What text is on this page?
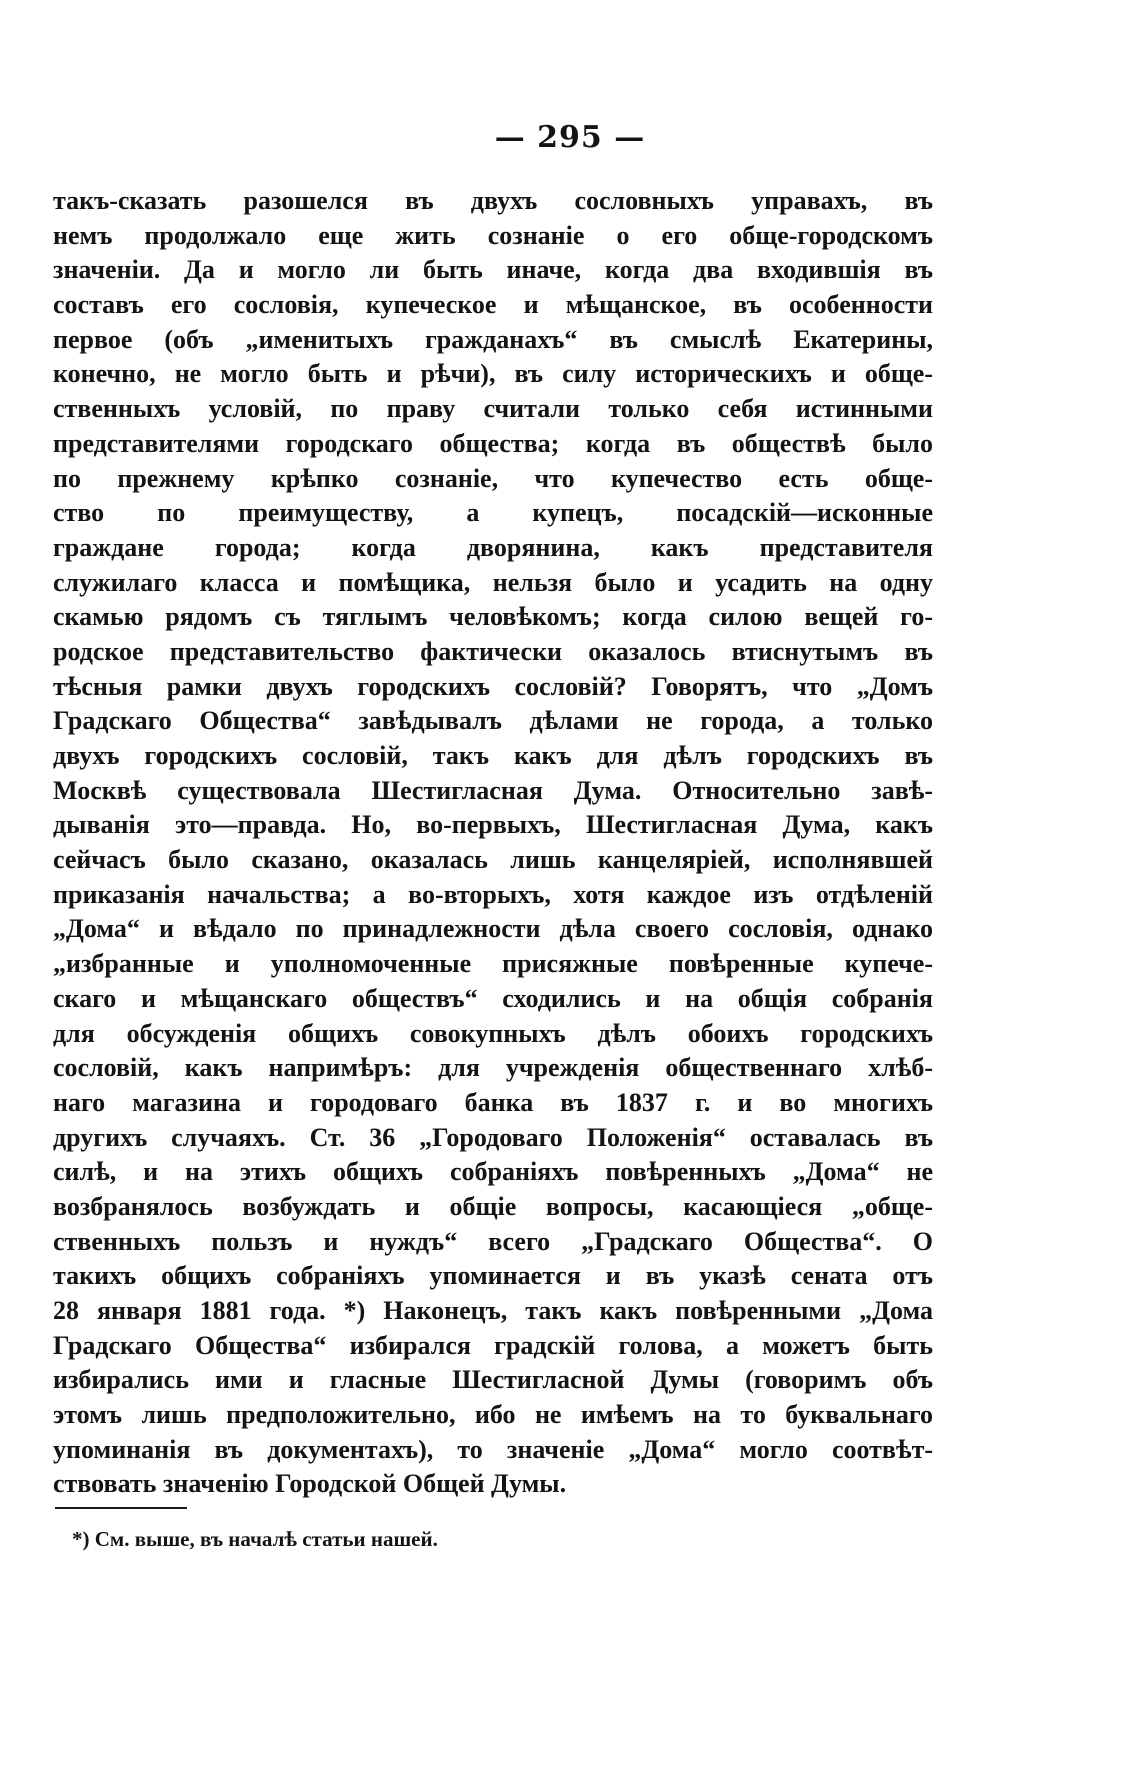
— 295 —
такъ-сказать разошелся въ двухъ сословныхъ управахъ, въ
немъ продолжало еще жить сознаніе о его обще-городскомъ
значеніи. Да и могло ли быть иначе, когда два входившія въ
составъ его сословія, купеческое и мѣщанское, въ особенности
первое (объ „именитыхъ гражданахъ“ въ смыслѣ Екатерины,
конечно, не могло быть и рѣчи), въ силу историческихъ и обще-
ственныхъ условій, по праву считали только себя истинными
представителями городскаго общества; когда въ обществѣ было
по прежнему крѣпко сознаніе, что купечество есть обще-
ство по преимуществу, а купецъ, посадскій—исконные
граждане города; когда дворянина, какъ представителя
служилаго класса и помѣщика, нельзя было и усадить на одну
скамью рядомъ съ тяглымъ человѣкомъ; когда силою вещей го-
родское представительство фактически оказалось втиснутымъ въ
тѣсныя рамки двухъ городскихъ сословій? Говорятъ, что „Домъ
Градскаго Общества“ завѣдывалъ дѣлами не города, а только
двухъ городскихъ сословій, такъ какъ для дѣлъ городскихъ въ
Москвѣ существовала Шестигласная Дума. Относительно завѣ-
дыванія это—правда. Но, во-первыхъ, Шестигласная Дума, какъ
сейчасъ было сказано, оказалась лишь канцеляріей, исполнявшей
приказанія начальства; а во-вторыхъ, хотя каждое изъ отдѣленій
„Дома“ и вѣдало по принадлежности дѣла своего сословія, однако
„избранные и уполномоченные присяжные повѣренные купече-
скаго и мѣщанскаго обществъ“ сходились и на общія собранія
для обсужденія общихъ совокупныхъ дѣлъ обоихъ городскихъ
сословій, какъ напримѣръ: для учрежденія общественнаго хлѣб-
наго магазина и городоваго банка въ 1837 г. и во многихъ
другихъ случаяхъ. Ст. 36 „Городоваго Положенія“ оставалась въ
силѣ, и на этихъ общихъ собраніяхъ повѣренныхъ „Дома“ не
возбранялось возбуждать и общіе вопросы, касающіеся „обще-
ственныхъ пользъ и нуждъ“ всего „Градскаго Общества“. О
такихъ общихъ собраніяхъ упоминается и въ указѣ сената отъ
28 января 1881 года. *) Наконецъ, такъ какъ повѣренными „Дома
Градскаго Общества“ избирался градскій голова, а можетъ быть
избирались ими и гласные Шестигласной Думы (говоримъ объ
этомъ лишь предположительно, ибо не имѣемъ на то буквальнаго
упоминанія въ документахъ), то значеніе „Дома“ могло соотвѣт-
ствовать значенію Городской Общей Думы.
*) См. выше, въ началѣ статьи нашей.
